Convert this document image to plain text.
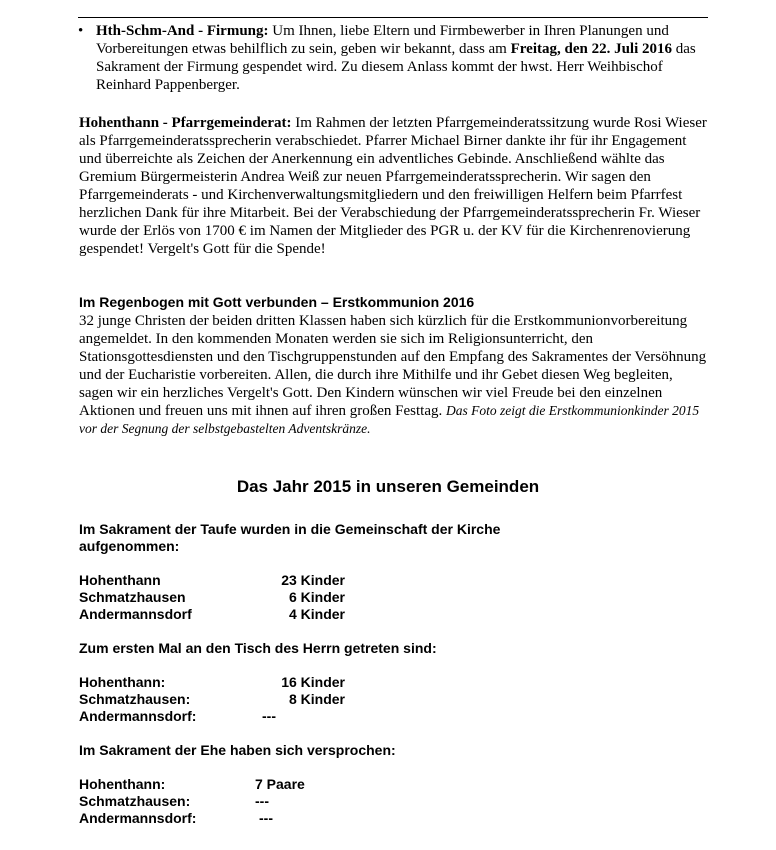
• Hth-Schm-And - Firmung: Um Ihnen, liebe Eltern und Firmbewerber in Ihren Planungen und Vorbereitungen etwas behilflich zu sein, geben wir bekannt, dass am Freitag, den 22. Juli 2016 das Sakrament der Firmung gespendet wird. Zu diesem Anlass kommt der hwst. Herr Weihbischof Reinhard Pappenberger.
Hohenthann - Pfarrgemeinderat: Im Rahmen der letzten Pfarrgemeinderatssitzung wurde Rosi Wieser als Pfarrgemeinderatssprecherin verabschiedet. Pfarrer Michael Birner dankte ihr für ihr Engagement und überreichte als Zeichen der Anerkennung ein adventliches Gebinde. Anschließend wählte das Gremium Bürgermeisterin Andrea Weiß zur neuen Pfarrgemeinderatssprecherin. Wir sagen den Pfarrgemeinderats - und Kirchenverwaltungsmitgliedern und den freiwilligen Helfern beim Pfarrfest herzlichen Dank für ihre Mitarbeit. Bei der Verabschiedung der Pfarrgemeinderatssprecherin Fr. Wieser wurde der Erlös von 1700 € im Namen der Mitglieder des PGR u. der KV für die Kirchenrenovierung gespendet! Vergelt's Gott für die Spende!
Im Regenbogen mit Gott verbunden – Erstkommunion 2016
32 junge Christen der beiden dritten Klassen haben sich kürzlich für die Erstkommunionvorbereitung angemeldet. In den kommenden Monaten werden sie sich im Religionsunterricht, den Stationsgottesdiensten und den Tischgruppenstunden auf den Empfang des Sakramentes der Versöhnung und der Eucharistie vorbereiten. Allen, die durch ihre Mithilfe und ihr Gebet diesen Weg begleiten, sagen wir ein herzliches Vergelt's Gott. Den Kindern wünschen wir viel Freude bei den einzelnen Aktionen und freuen uns mit ihnen auf ihren großen Festtag. Das Foto zeigt die Erstkommunionkinder 2015 vor der Segnung der selbstgebastelten Adventskränze.
Das Jahr 2015 in unseren Gemeinden
Im Sakrament der Taufe wurden in die Gemeinschaft der Kirche aufgenommen:
Hohenthann	23 Kinder
Schmatzhausen	6 Kinder
Andermannsdorf	4 Kinder
Zum ersten Mal an den Tisch des Herrn getreten sind:
Hohenthann:	16 Kinder
Schmatzhausen:	8 Kinder
Andermannsdorf:	---
Im Sakrament der Ehe haben sich versprochen:
Hohenthann:	7 Paare
Schmatzhausen:	---
Andermannsdorf:	---
